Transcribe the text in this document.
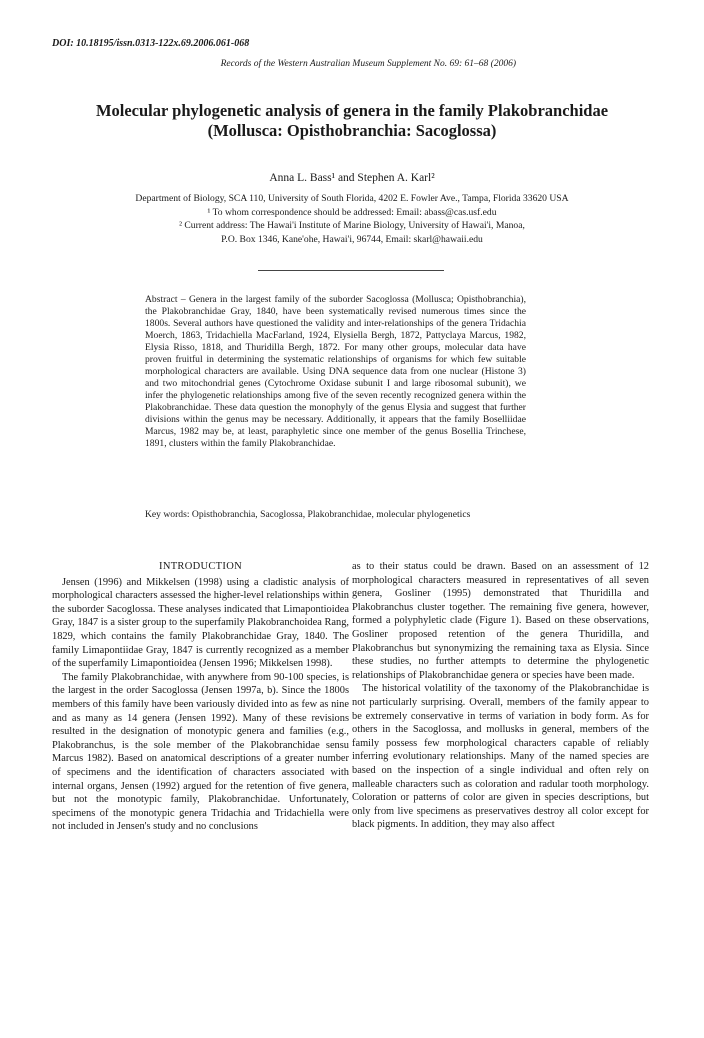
DOI: 10.18195/issn.0313-122x.69.2006.061-068
Records of the Western Australian Museum Supplement No. 69: 61–68 (2006)
Molecular phylogenetic analysis of genera in the family Plakobranchidae
(Mollusca: Opisthobranchia: Sacoglossa)
Anna L. Bass¹ and Stephen A. Karl²
Department of Biology, SCA 110, University of South Florida, 4202 E. Fowler Ave., Tampa, Florida 33620 USA
¹ To whom correspondence should be addressed: Email: abass@cas.usf.edu
² Current address: The Hawai'i Institute of Marine Biology, University of Hawai'i, Manoa,
P.O. Box 1346, Kane'ohe, Hawai'i, 96744, Email: skarl@hawaii.edu
Abstract – Genera in the largest family of the suborder Sacoglossa (Mollusca; Opisthobranchia), the Plakobranchidae Gray, 1840, have been systematically revised numerous times since the 1800s. Several authors have questioned the validity and inter-relationships of the genera Tridachia Moerch, 1863, Tridachiella MacFarland, 1924, Elysiella Bergh, 1872, Pattyclaya Marcus, 1982, Elysia Risso, 1818, and Thuridilla Bergh, 1872. For many other groups, molecular data have proven fruitful in determining the systematic relationships of organisms for which few suitable morphological characters are available. Using DNA sequence data from one nuclear (Histone 3) and two mitochondrial genes (Cytochrome Oxidase subunit I and large ribosomal subunit), we infer the phylogenetic relationships among five of the seven recently recognized genera within the Plakobranchidae. These data question the monophyly of the genus Elysia and suggest that further divisions within the genus may be necessary. Additionally, it appears that the family Boselliidae Marcus, 1982 may be, at least, paraphyletic since one member of the genus Bosellia Trinchese, 1891, clusters within the family Plakobranchidae.
Key words: Opisthobranchia, Sacoglossa, Plakobranchidae, molecular phylogenetics
INTRODUCTION

Jensen (1996) and Mikkelsen (1998) using a cladistic analysis of morphological characters assessed the higher-level relationships within the suborder Sacoglossa. These analyses indicated that Limapontioidea Gray, 1847 is a sister group to the superfamily Plakobranchoidea Rang, 1829, which contains the family Plakobranchidae Gray, 1840. The family Limapontiidae Gray, 1847 is currently recognized as a member of the superfamily Limapontioidea (Jensen 1996; Mikkelsen 1998).

The family Plakobranchidae, with anywhere from 90-100 species, is the largest in the order Sacoglossa (Jensen 1997a, b). Since the 1800s members of this family have been variously divided into as few as nine and as many as 14 genera (Jensen 1992). Many of these revisions resulted in the designation of monotypic genera and families (e.g., Plakobranchus, is the sole member of the Plakobranchidae sensu Marcus 1982). Based on anatomical descriptions of a greater number of specimens and the identification of characters associated with internal organs, Jensen (1992) argued for the retention of five genera, but not the monotypic family, Plakobranchidae. Unfortunately, specimens of the monotypic genera Tridachia and Tridachiella were not included in Jensen's study and no conclusions

as to their status could be drawn. Based on an assessment of 12 morphological characters measured in representatives of all seven genera, Gosliner (1995) demonstrated that Thuridilla and Plakobranchus cluster together. The remaining five genera, however, formed a polyphyletic clade (Figure 1). Based on these observations, Gosliner proposed retention of the genera Thuridilla, and Plakobranchus but synonymizing the remaining taxa as Elysia. Since these studies, no further attempts to determine the phylogenetic relationships of Plakobranchidae genera or species have been made.

The historical volatility of the taxonomy of the Plakobranchidae is not particularly surprising. Overall, members of the family appear to be extremely conservative in terms of variation in body form. As for others in the Sacoglossa, and mollusks in general, members of the family possess few morphological characters capable of reliably inferring evolutionary relationships. Many of the named species are based on the inspection of a single individual and often rely on malleable characters such as coloration and radular tooth morphology. Coloration or patterns of color are given in species descriptions, but only from live specimens as preservatives destroy all color except for black pigments. In addition, they may also affect
